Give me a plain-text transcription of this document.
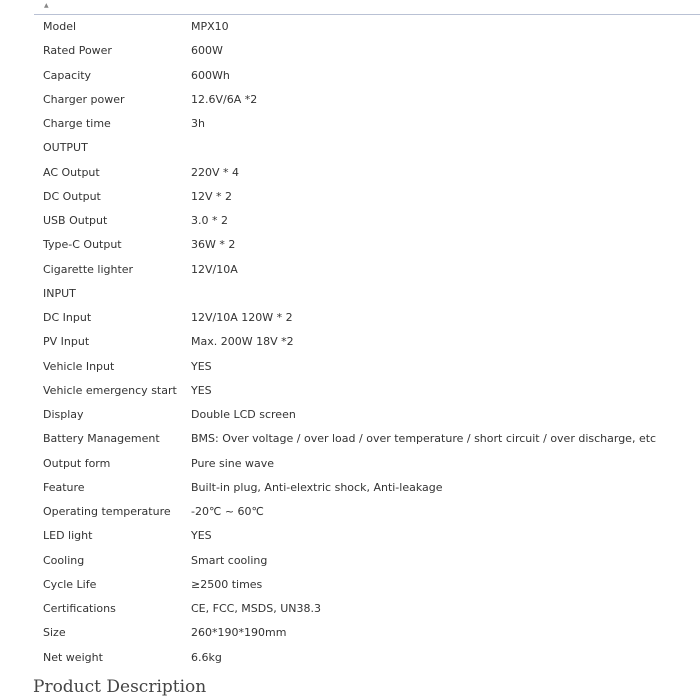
▲
Model	MPX10
Rated Power	600W
Capacity	600Wh
Charger power	12.6V/6A *2
Charge time	3h
OUTPUT
AC Output	220V * 4
DC Output	12V * 2
USB Output	3.0 * 2
Type-C Output	36W * 2
Cigarette lighter	12V/10A
INPUT
DC Input	12V/10A 120W * 2
PV Input	Max. 200W 18V *2
Vehicle Input	YES
Vehicle emergency start YES
Display	Double LCD screen
Battery Management	BMS: Over voltage / over load / over temperature / short circuit / over discharge, etc
Output form	Pure sine wave
Feature	Built-in plug, Anti-elextric shock, Anti-leakage
Operating temperature -20℃ ~ 60℃
LED light	YES
Cooling	Smart cooling
Cycle Life	≥2500 times
Certifications	CE, FCC, MSDS, UN38.3
Size	260*190*190mm
Net weight	6.6kg
Product Description
